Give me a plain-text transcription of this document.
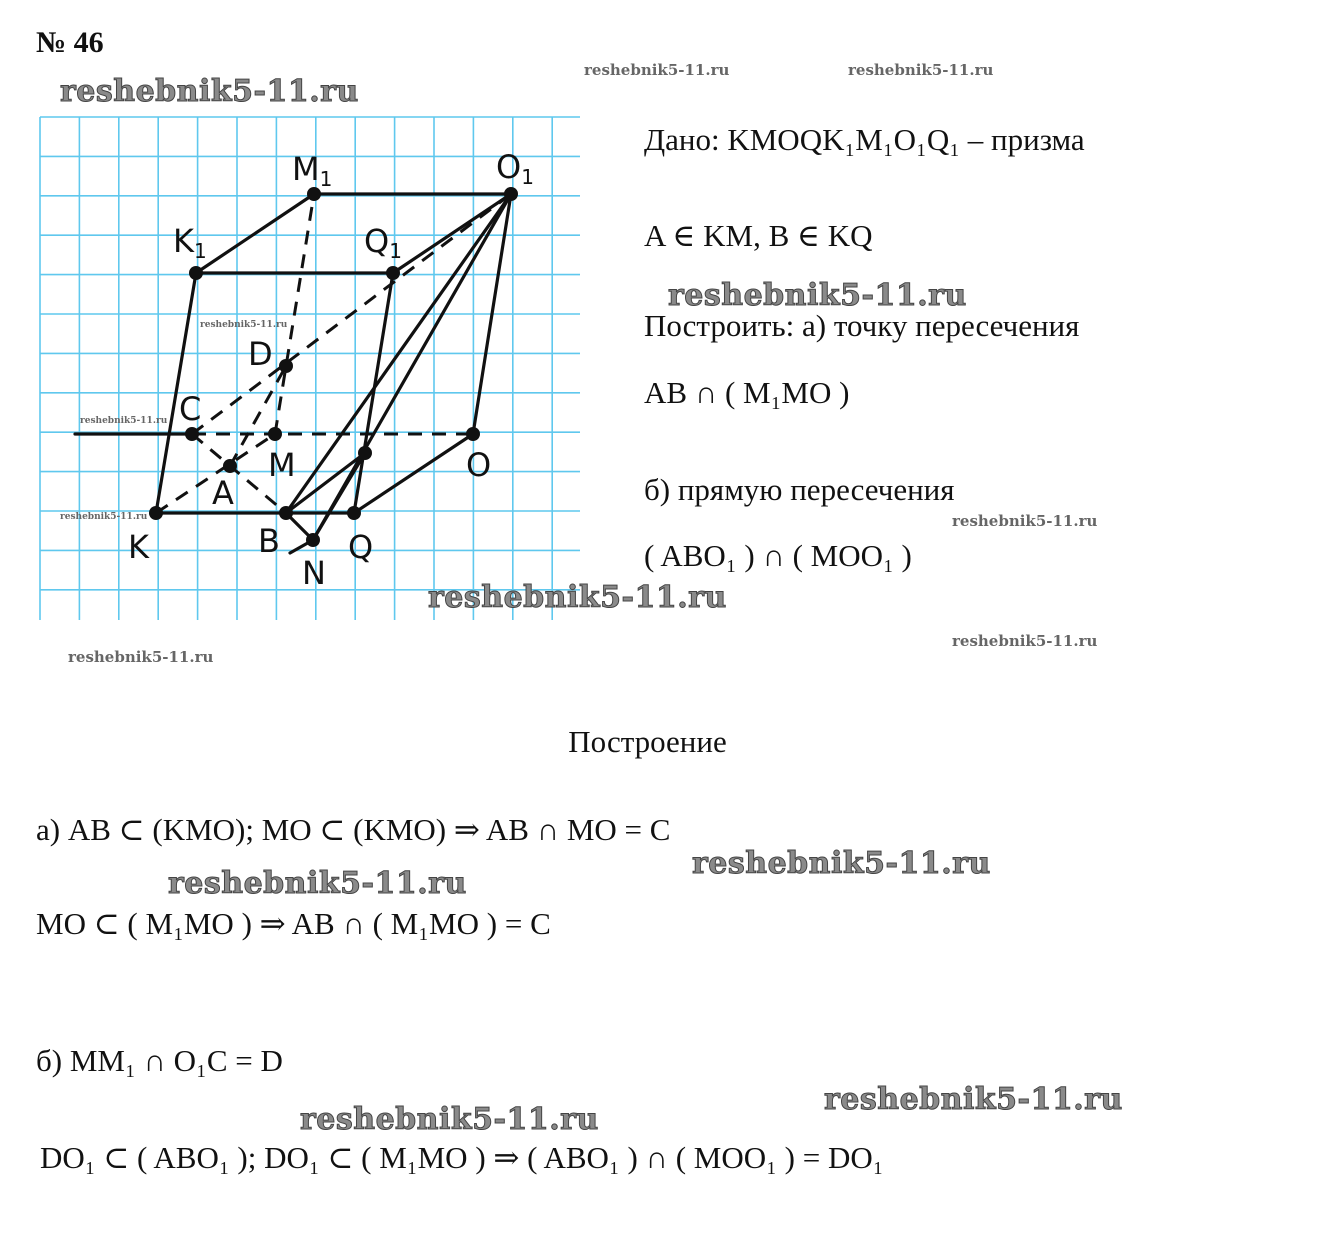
M1	O1
K1	Q1
D
C
M
A
O
K	B Q
N
№ 46
Дано: KMOQK₁M₁O₁Q₁ – призма
A ∈ KM, B ∈ KQ
Построить: а) точку пересечения
AB ∩ ( M₁MO )
б) прямую пересечения
( ABO₁ ) ∩ ( MOO₁ )
Построение
а) AB ⊂ (KMO); MO ⊂ (KMO) ⇒ AB ∩ MO = C
MO ⊂ ( M₁MO ) ⇒ AB ∩ ( M₁MO ) = C
б) MM₁ ∩ O₁C = D
DO₁ ⊂ ( ABO₁ ); DO₁ ⊂ ( M₁MO ) ⇒ ( ABO₁ ) ∩ ( MOO₁ ) = DO₁
reshebnik5-11.ru
reshebnik5-11.ru	reshebnik5-11.ru
reshebnik5-11.ru
reshebnik5-11.ru
reshebnik5-11.ru
reshebnik5-11.ru	reshebnik5-11.ru
reshebnik5-11.ru
reshebnik5-11.ru
reshebnik5-11.ru
reshebnik5-11.ru
reshebnik5-11.ru
reshebnik5-11.ru
reshebnik5-11.ru
